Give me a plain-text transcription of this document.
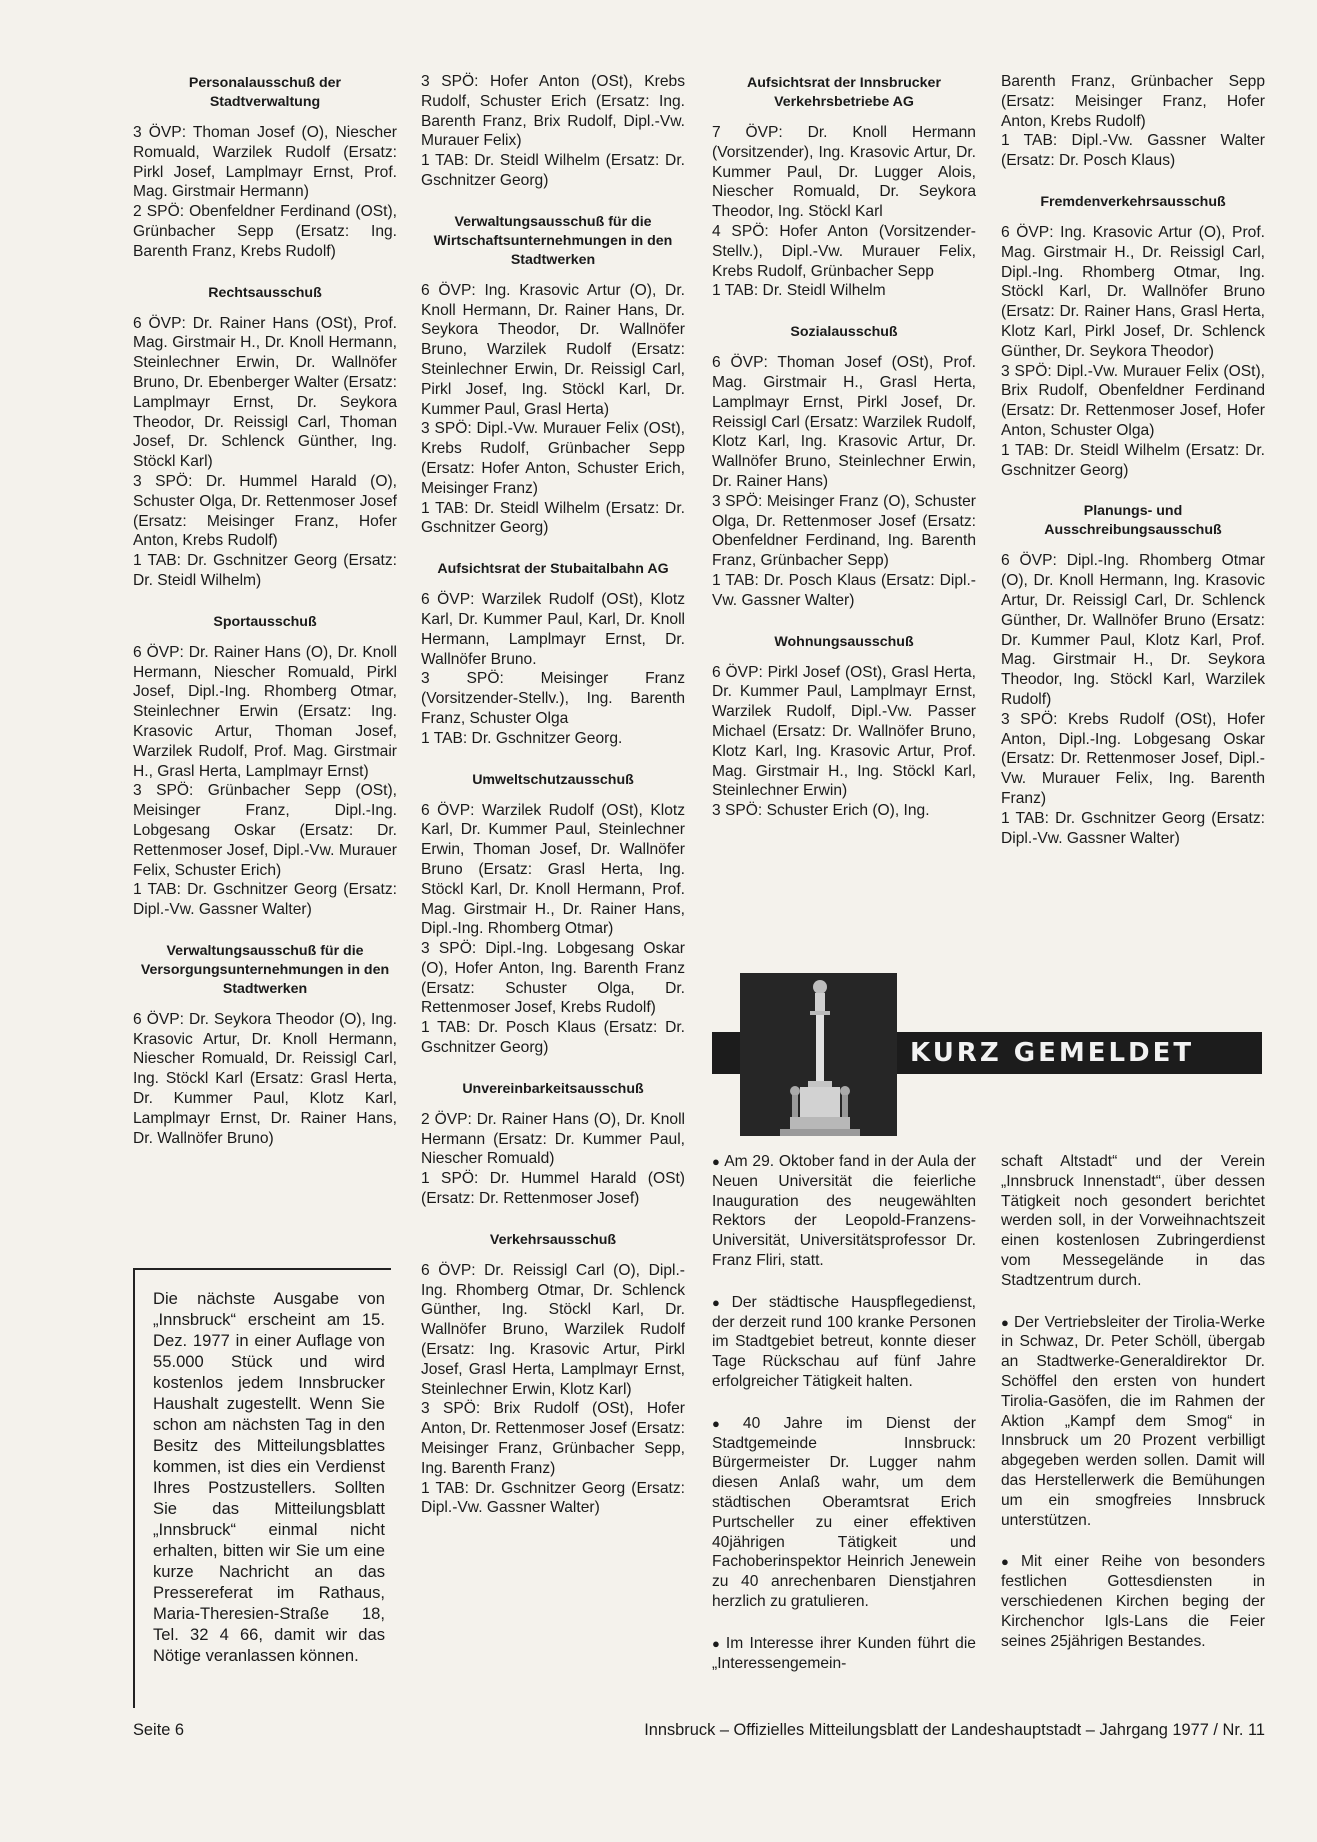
Personalausschuß der Stadtverwaltung
3 ÖVP: Thoman Josef (O), Niescher Romuald, Warzilek Rudolf (Ersatz: Pirkl Josef, Lamplmayr Ernst, Prof. Mag. Girstmair Hermann)
2 SPÖ: Obenfeldner Ferdinand (OSt), Grünbacher Sepp (Ersatz: Ing. Barenth Franz, Krebs Rudolf)
Rechtsausschuß
6 ÖVP: Dr. Rainer Hans (OSt), Prof. Mag. Girstmair H., Dr. Knoll Hermann, Steinlechner Erwin, Dr. Wallnöfer Bruno, Dr. Ebenberger Walter (Ersatz: Lamplmayr Ernst, Dr. Seykora Theodor, Dr. Reissigl Carl, Thoman Josef, Dr. Schlenck Günther, Ing. Stöckl Karl)
3 SPÖ: Dr. Hummel Harald (O), Schuster Olga, Dr. Rettenmoser Josef (Ersatz: Meisinger Franz, Hofer Anton, Krebs Rudolf)
1 TAB: Dr. Gschnitzer Georg (Ersatz: Dr. Steidl Wilhelm)
Sportausschuß
6 ÖVP: Dr. Rainer Hans (O), Dr. Knoll Hermann, Niescher Romuald, Pirkl Josef, Dipl.-Ing. Rhomberg Otmar, Steinlechner Erwin (Ersatz: Ing. Krasovic Artur, Thoman Josef, Warzilek Rudolf, Prof. Mag. Girstmair H., Grasl Herta, Lamplmayr Ernst)
3 SPÖ: Grünbacher Sepp (OSt), Meisinger Franz, Dipl.-Ing. Lobgesang Oskar (Ersatz: Dr. Rettenmoser Josef, Dipl.-Vw. Murauer Felix, Schuster Erich)
1 TAB: Dr. Gschnitzer Georg (Ersatz: Dipl.-Vw. Gassner Walter)
Verwaltungsausschuß für die Versorgungsunternehmungen in den Stadtwerken
6 ÖVP: Dr. Seykora Theodor (O), Ing. Krasovic Artur, Dr. Knoll Hermann, Niescher Romuald, Dr. Reissigl Carl, Ing. Stöckl Karl (Ersatz: Grasl Herta, Dr. Kummer Paul, Klotz Karl, Lamplmayr Ernst, Dr. Rainer Hans, Dr. Wallnöfer Bruno)
Die nächste Ausgabe von „Innsbruck“ erscheint am 15. Dez. 1977 in einer Auflage von 55.000 Stück und wird kostenlos jedem Innsbrucker Haushalt zugestellt. Wenn Sie schon am nächsten Tag in den Besitz des Mitteilungsblattes kommen, ist dies ein Verdienst Ihres Postzustellers. Sollten Sie das Mitteilungsblatt „Innsbruck“ einmal nicht erhalten, bitten wir Sie um eine kurze Nachricht an das Pressereferat im Rathaus, Maria-Theresien-Straße 18, Tel. 32 4 66, damit wir das Nötige veranlassen können.
3 SPÖ: Hofer Anton (OSt), Krebs Rudolf, Schuster Erich (Ersatz: Ing. Barenth Franz, Brix Rudolf, Dipl.-Vw. Murauer Felix)
1 TAB: Dr. Steidl Wilhelm (Ersatz: Dr. Gschnitzer Georg)
Verwaltungsausschuß für die Wirtschaftsunternehmungen in den Stadtwerken
6 ÖVP: Ing. Krasovic Artur (O), Dr. Knoll Hermann, Dr. Rainer Hans, Dr. Seykora Theodor, Dr. Wallnöfer Bruno, Warzilek Rudolf (Ersatz: Steinlechner Erwin, Dr. Reissigl Carl, Pirkl Josef, Ing. Stöckl Karl, Dr. Kummer Paul, Grasl Herta)
3 SPÖ: Dipl.-Vw. Murauer Felix (OSt), Krebs Rudolf, Grünbacher Sepp (Ersatz: Hofer Anton, Schuster Erich, Meisinger Franz)
1 TAB: Dr. Steidl Wilhelm (Ersatz: Dr. Gschnitzer Georg)
Aufsichtsrat der Stubaitalbahn AG
6 ÖVP: Warzilek Rudolf (OSt), Klotz Karl, Dr. Kummer Paul, Karl, Dr. Knoll Hermann, Lamplmayr Ernst, Dr. Wallnöfer Bruno.
3 SPÖ: Meisinger Franz (Vorsitzender-Stellv.), Ing. Barenth Franz, Schuster Olga
1 TAB: Dr. Gschnitzer Georg.
Umweltschutzausschuß
6 ÖVP: Warzilek Rudolf (OSt), Klotz Karl, Dr. Kummer Paul, Steinlechner Erwin, Thoman Josef, Dr. Wallnöfer Bruno (Ersatz: Grasl Herta, Ing. Stöckl Karl, Dr. Knoll Hermann, Prof. Mag. Girstmair H., Dr. Rainer Hans, Dipl.-Ing. Rhomberg Otmar)
3 SPÖ: Dipl.-Ing. Lobgesang Oskar (O), Hofer Anton, Ing. Barenth Franz (Ersatz: Schuster Olga, Dr. Rettenmoser Josef, Krebs Rudolf)
1 TAB: Dr. Posch Klaus (Ersatz: Dr. Gschnitzer Georg)
Unvereinbarkeitsausschuß
2 ÖVP: Dr. Rainer Hans (O), Dr. Knoll Hermann (Ersatz: Dr. Kummer Paul, Niescher Romuald)
1 SPÖ: Dr. Hummel Harald (OSt) (Ersatz: Dr. Rettenmoser Josef)
Verkehrsausschuß
6 ÖVP: Dr. Reissigl Carl (O), Dipl.-Ing. Rhomberg Otmar, Dr. Schlenck Günther, Ing. Stöckl Karl, Dr. Wallnöfer Bruno, Warzilek Rudolf (Ersatz: Ing. Krasovic Artur, Pirkl Josef, Grasl Herta, Lamplmayr Ernst, Steinlechner Erwin, Klotz Karl)
3 SPÖ: Brix Rudolf (OSt), Hofer Anton, Dr. Rettenmoser Josef (Ersatz: Meisinger Franz, Grünbacher Sepp, Ing. Barenth Franz)
1 TAB: Dr. Gschnitzer Georg (Ersatz: Dipl.-Vw. Gassner Walter)
Aufsichtsrat der Innsbrucker Verkehrsbetriebe AG
7 ÖVP: Dr. Knoll Hermann (Vorsitzender), Ing. Krasovic Artur, Dr. Kummer Paul, Dr. Lugger Alois, Niescher Romuald, Dr. Seykora Theodor, Ing. Stöckl Karl
4 SPÖ: Hofer Anton (Vorsitzender-Stellv.), Dipl.-Vw. Murauer Felix, Krebs Rudolf, Grünbacher Sepp
1 TAB: Dr. Steidl Wilhelm
Sozialausschuß
6 ÖVP: Thoman Josef (OSt), Prof. Mag. Girstmair H., Grasl Herta, Lamplmayr Ernst, Pirkl Josef, Dr. Reissigl Carl (Ersatz: Warzilek Rudolf, Klotz Karl, Ing. Krasovic Artur, Dr. Wallnöfer Bruno, Steinlechner Erwin, Dr. Rainer Hans)
3 SPÖ: Meisinger Franz (O), Schuster Olga, Dr. Rettenmoser Josef (Ersatz: Obenfeldner Ferdinand, Ing. Barenth Franz, Grünbacher Sepp)
1 TAB: Dr. Posch Klaus (Ersatz: Dipl.-Vw. Gassner Walter)
Wohnungsausschuß
6 ÖVP: Pirkl Josef (OSt), Grasl Herta, Dr. Kummer Paul, Lamplmayr Ernst, Warzilek Rudolf, Dipl.-Vw. Passer Michael (Ersatz: Dr. Wallnöfer Bruno, Klotz Karl, Ing. Krasovic Artur, Prof. Mag. Girstmair H., Ing. Stöckl Karl, Steinlechner Erwin)
3 SPÖ: Schuster Erich (O), Ing.
Barenth Franz, Grünbacher Sepp (Ersatz: Meisinger Franz, Hofer Anton, Krebs Rudolf)
1 TAB: Dipl.-Vw. Gassner Walter (Ersatz: Dr. Posch Klaus)
Fremdenverkehrsausschuß
6 ÖVP: Ing. Krasovic Artur (O), Prof. Mag. Girstmair H., Dr. Reissigl Carl, Dipl.-Ing. Rhomberg Otmar, Ing. Stöckl Karl, Dr. Wallnöfer Bruno (Ersatz: Dr. Rainer Hans, Grasl Herta, Klotz Karl, Pirkl Josef, Dr. Schlenck Günther, Dr. Seykora Theodor)
3 SPÖ: Dipl.-Vw. Murauer Felix (OSt), Brix Rudolf, Obenfeldner Ferdinand (Ersatz: Dr. Rettenmoser Josef, Hofer Anton, Schuster Olga)
1 TAB: Dr. Steidl Wilhelm (Ersatz: Dr. Gschnitzer Georg)
Planungs- und Ausschreibungsausschuß
6 ÖVP: Dipl.-Ing. Rhomberg Otmar (O), Dr. Knoll Hermann, Ing. Krasovic Artur, Dr. Reissigl Carl, Dr. Schlenck Günther, Dr. Wallnöfer Bruno (Ersatz: Dr. Kummer Paul, Klotz Karl, Prof. Mag. Girstmair H., Dr. Seykora Theodor, Ing. Stöckl Karl, Warzilek Rudolf)
3 SPÖ: Krebs Rudolf (OSt), Hofer Anton, Dipl.-Ing. Lobgesang Oskar (Ersatz: Dr. Rettenmoser Josef, Dipl.-Vw. Murauer Felix, Ing. Barenth Franz)
1 TAB: Dr. Gschnitzer Georg (Ersatz: Dipl.-Vw. Gassner Walter)
KURZ GEMELDET

● Am 29. Oktober fand in der Aula der Neuen Universität die feierliche Inauguration des neugewählten Rektors der Leopold-Franzens-Universität, Universitätsprofessor Dr. Franz Fliri, statt.

● Der städtische Hauspflegedienst, der derzeit rund 100 kranke Personen im Stadtgebiet betreut, konnte dieser Tage Rückschau auf fünf Jahre erfolgreicher Tätigkeit halten.

● 40 Jahre im Dienst der Stadtgemeinde Innsbruck: Bürgermeister Dr. Lugger nahm diesen Anlaß wahr, um dem städtischen Oberamtsrat Erich Purtscheller zu einer effektiven 40jährigen Tätigkeit und Fachoberinspektor Heinrich Jenewein zu 40 anrechenbaren Dienstjahren herzlich zu gratulieren.

● Im Interesse ihrer Kunden führt die „Interessengemein-

schaft Altstadt“ und der Verein „Innsbruck Innenstadt“, über dessen Tätigkeit noch gesondert berichtet werden soll, in der Vorweihnachtszeit einen kostenlosen Zubringerdienst vom Messegelände in das Stadtzentrum durch.

● Der Vertriebsleiter der Tirolia-Werke in Schwaz, Dr. Peter Schöll, übergab an Stadtwerke-Generaldirektor Dr. Schöffel den ersten von hundert Tirolia-Gasöfen, die im Rahmen der Aktion „Kampf dem Smog“ in Innsbruck um 20 Prozent verbilligt abgegeben werden sollen. Damit will das Herstellerwerk die Bemühungen um ein smogfreies Innsbruck unterstützen.

● Mit einer Reihe von besonders festlichen Gottesdiensten in verschiedenen Kirchen beging der Kirchenchor Igls-Lans die Feier seines 25jährigen Bestandes.

Seite 6	Innsbruck – Offizielles Mitteilungsblatt der Landeshauptstadt – Jahrgang 1977 / Nr. 11
